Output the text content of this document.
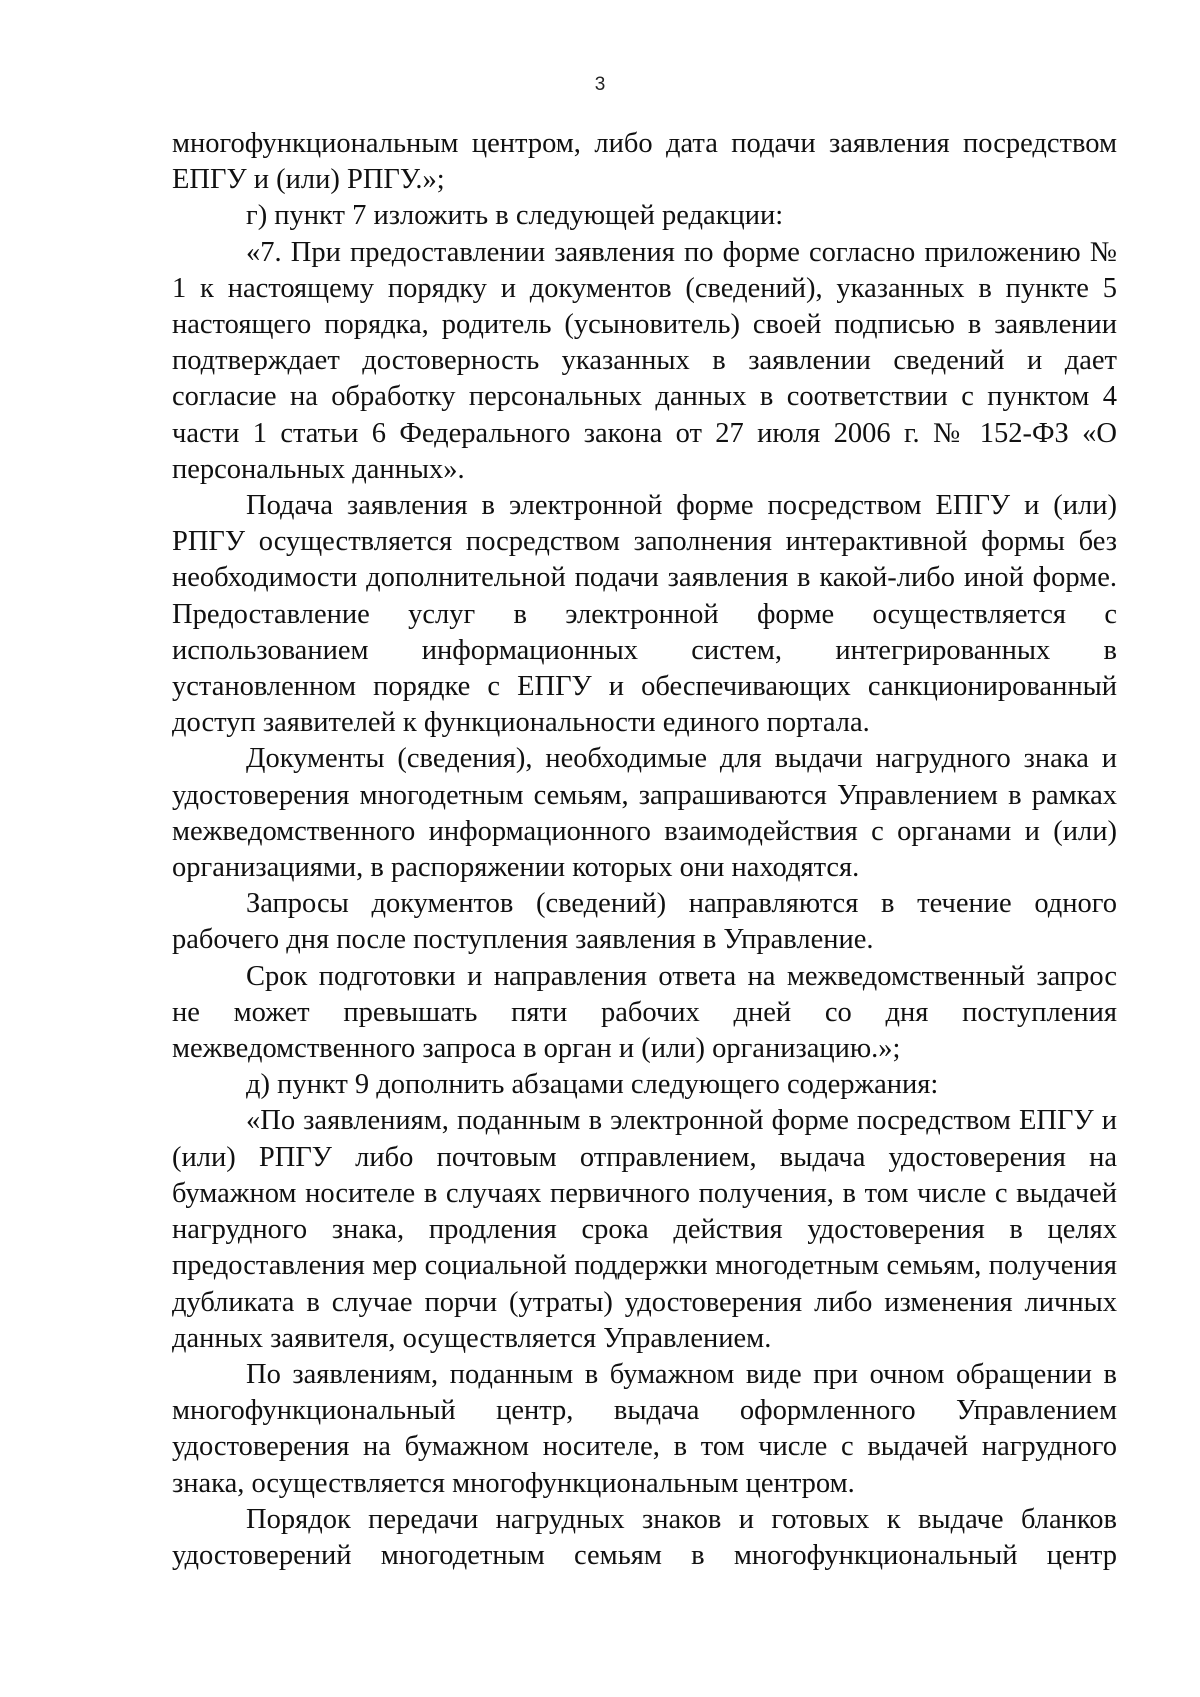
3

многофункциональным центром, либо дата подачи заявления посредством ЕПГУ и (или) РПГУ.»;

г) пункт 7 изложить в следующей редакции:

«7. При предоставлении заявления по форме согласно приложению № 1 к настоящему порядку и документов (сведений), указанных в пункте 5 настоящего порядка, родитель (усыновитель) своей подписью в заявлении подтверждает достоверность указанных в заявлении сведений и дает согласие на обработку персональных данных в соответствии с пунктом 4 части 1 статьи 6 Федерального закона от 27 июля 2006 г. № 152-ФЗ «О персональных данных».

Подача заявления в электронной форме посредством ЕПГУ и (или) РПГУ осуществляется посредством заполнения интерактивной формы без необходимости дополнительной подачи заявления в какой-либо иной форме. Предоставление услуг в электронной форме осуществляется с использованием информационных систем, интегрированных в установленном порядке с ЕПГУ и обеспечивающих санкционированный доступ заявителей к функциональности единого портала.

Документы (сведения), необходимые для выдачи нагрудного знака и удостоверения многодетным семьям, запрашиваются Управлением в рамках межведомственного информационного взаимодействия с органами и (или) организациями, в распоряжении которых они находятся.

Запросы документов (сведений) направляются в течение одного рабочего дня после поступления заявления в Управление.

Срок подготовки и направления ответа на межведомственный запрос не может превышать пяти рабочих дней со дня поступления межведомственного запроса в орган и (или) организацию.»;

д) пункт 9 дополнить абзацами следующего содержания:

«По заявлениям, поданным в электронной форме посредством ЕПГУ и (или) РПГУ либо почтовым отправлением, выдача удостоверения на бумажном носителе в случаях первичного получения, в том числе с выдачей нагрудного знака, продления срока действия удостоверения в целях предоставления мер социальной поддержки многодетным семьям, получения дубликата в случае порчи (утраты) удостоверения либо изменения личных данных заявителя, осуществляется Управлением.

По заявлениям, поданным в бумажном виде при очном обращении в многофункциональный центр, выдача оформленного Управлением удостоверения на бумажном носителе, в том числе с выдачей нагрудного знака, осуществляется многофункциональным центром.

Порядок передачи нагрудных знаков и готовых к выдаче бланков удостоверений многодетным семьям в многофункциональный центр
